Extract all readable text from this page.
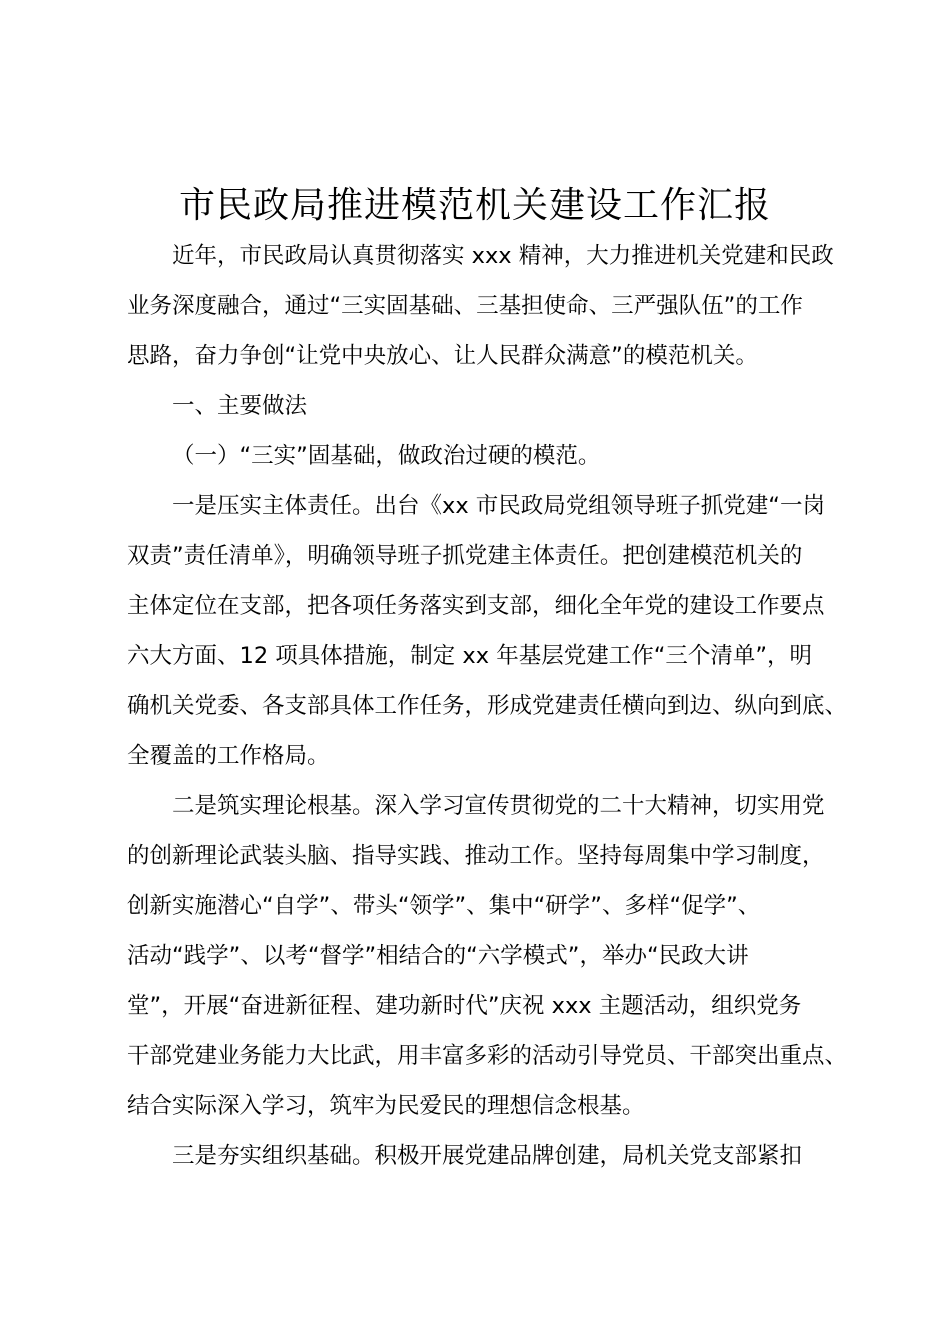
市民政局推进模范机关建设工作汇报
近年，市民政局认真贯彻落实 xxx 精神，大力推进机关党建和民政
业务深度融合，通过“三实固基础、三基担使命、三严强队伍”的工作
思路，奋力争创“让党中央放心、让人民群众满意”的模范机关。
一、主要做法
（一）“三实”固基础，做政治过硬的模范。
一是压实主体责任。出台《xx 市民政局党组领导班子抓党建“一岗
双责”责任清单》，明确领导班子抓党建主体责任。把创建模范机关的
主体定位在支部，把各项任务落实到支部，细化全年党的建设工作要点
六大方面、12 项具体措施，制定 xx 年基层党建工作“三个清单”，明
确机关党委、各支部具体工作任务，形成党建责任横向到边、纵向到底、
全覆盖的工作格局。
二是筑实理论根基。深入学习宣传贯彻党的二十大精神，切实用党
的创新理论武装头脑、指导实践、推动工作。坚持每周集中学习制度，
创新实施潜心“自学”、带头“领学”、集中“研学”、多样“促学”、
活动“践学”、以考“督学”相结合的“六学模式”，举办“民政大讲
堂”，开展“奋进新征程、建功新时代”庆祝 xxx 主题活动，组织党务
干部党建业务能力大比武，用丰富多彩的活动引导党员、干部突出重点、
结合实际深入学习，筑牢为民爱民的理想信念根基。
三是夯实组织基础。积极开展党建品牌创建，局机关党支部紧扣
